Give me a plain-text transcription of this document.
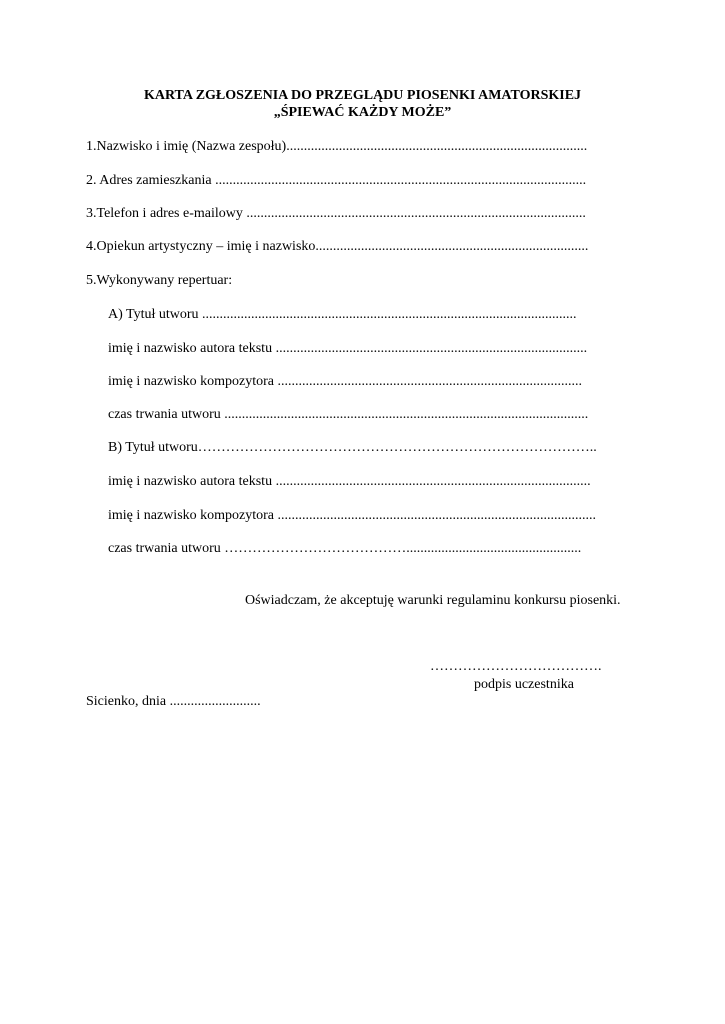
KARTA ZGŁOSZENIA DO PRZEGLĄDU PIOSENKI AMATORSKIEJ
„ŚPIEWAĆ KAŻDY MOŻE”
1.Nazwisko i imię (Nazwa zespołu)......................................................................................
2. Adres zamieszkania ..........................................................................................................
3.Telefon i adres e-mailowy .................................................................................................
4.Opiekun artystyczny – imię i nazwisko..............................................................................
5.Wykonywany repertuar:
A) Tytuł utworu ...........................................................................................................
imię i nazwisko autora tekstu .........................................................................................
imię i nazwisko kompozytora .......................................................................................
czas trwania utworu ........................................................................................................
B) Tytuł utworu…………………………………………………………………………..
imię i nazwisko autora tekstu ..........................................................................................
imię i nazwisko kompozytora ...........................................................................................
czas trwania utworu …………………………………..................................................
Oświadczam, że akceptuję warunki regulaminu konkursu piosenki.
……………………………….
podpis uczestnika
Sicienko, dnia ..........................
